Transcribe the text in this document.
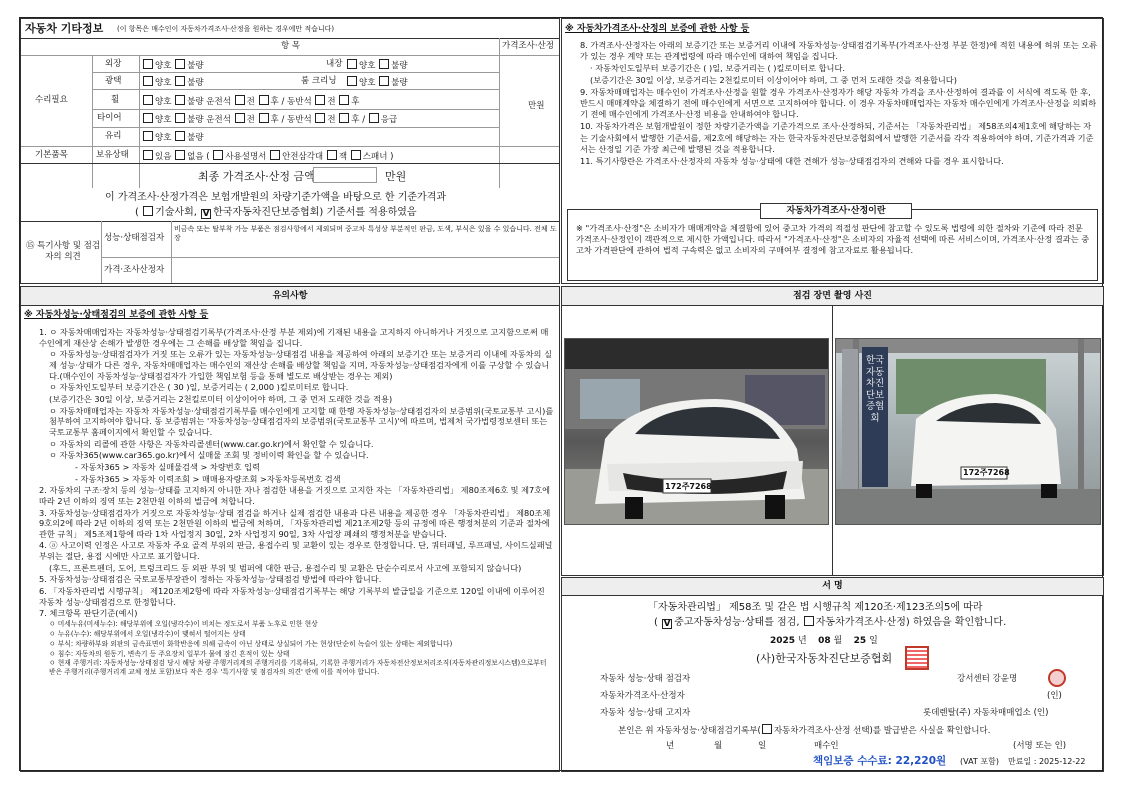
자동차 기타정보 (이 항목은 매수인이 자동차가격조사·산정을 원하는 경우에만 적습니다)
항 목	가격조사·산정
수리필요
만원
외장	양호 불량	내장	양호 불량
광택	양호 불량	룸 크리닝	양호 불량
휠	양호 불량 운전석 전 후 / 동반석 전 후
타이어	양호 불량 운전석 전 후 / 동반석 전 후 / 응급
유리	양호 불량
기본품목	보유상태	있음 없음 ( 사용설명서 안전삼각대 잭 스패너 )
최종 가격조사·산정 금액	만원
이 가격조사·산정가격은 보험개발원의 차량기준가액을 바탕으로 한 기준가격과
( 기술사회, V 한국자동차진단보증협회) 기준서를 적용하였음
⑮ 특기사항 및 점검자의 의견
성능·상태점검자
비금속 또는 탈부착 가능 부품은 점검사항에서 제외되며 중고차 특성상 부분적인 판금, 도색, 부식은 있을 수 있습니다. 전체 도장
가격·조사산정자
※ 자동차가격조사·산정의 보증에 관한 사항 등

8. 가격조사·산정자는 아래의 보증기간 또는 보증거리 이내에 자동차성능·상태점검기록부(가격조사·산정 부분 한정)에 적힌 내용에 허위 또는 오류가 있는 경우 계약 또는 관계법령에 따라 매수인에 대하여 책임을 집니다.

· 자동차인도일부터 보증기간은 ( )일, 보증거리는 ( )킬로미터로 합니다.

(보증기간은 30일 이상, 보증거리는 2천킬로미터 이상이어야 하며, 그 중 먼저 도래한 것을 적용합니다)

9. 자동차매매업자는 매수인이 가격조사·산정을 원할 경우 가격조사·산정자가 해당 자동차 가격을 조사·산정하여 결과를 이 서식에 적도록 한 후, 반드시 매매계약을 체결하기 전에 매수인에게 서면으로 고지하여야 합니다. 이 경우 자동차매매업자는 자동차 매수인에게 가격조사·산정을 의뢰하기 전에 매수인에게 가격조사·산정 비용을 안내하여야 합니다.

10. 자동차가격은 보험개발원이 정한 차량기준가액을 기준가격으로 조사·산정하되, 기준서는 「자동차관리법」 제58조의4제1호에 해당하는 자는 기술사회에서 발행한 기준서를, 제2호에 해당하는 자는 한국자동차진단보증협회에서 발행한 기준서를 각각 적용하여야 하며, 기준가격과 기준서는 산정일 기준 가장 최근에 발행된 것을 적용합니다.

11. 특기사항란은 가격조사·산정자의 자동차 성능·상태에 대한 견해가 성능·상태점검자의 견해와 다를 경우 표시합니다.

자동차가격조사·산정이란
※ "가격조사·산정"은 소비자가 매매계약을 체결함에 있어 중고차 가격의 적절성 판단에 참고할 수 있도록 법령에 의한 절차와 기준에 따라 전문 가격조사·산정인이 객관적으로 제시한 가액입니다. 따라서 "가격조사·산정"은 소비자의 자율적 선택에 따른 서비스이며, 가격조사·산정 결과는 중고차 가격판단에 관하여 법적 구속력은 없고 소비자의 구매여부 결정에 참고자료로 활용됩니다.
유의사항
※ 자동차성능·상태점검의 보증에 관한 사항 등

1. ㅇ 자동차매매업자는 자동차성능·상태점검기록부(가격조사·산정 부분 제외)에 기재된 내용을 고지하지 아니하거나 거짓으로 고지함으로써 매수인에게 재산상 손해가 발생한 경우에는 그 손해를 배상할 책임을 집니다.

ㅇ 자동차성능·상태점검자가 거짓 또는 오류가 있는 자동차성능·상태점검 내용을 제공하여 아래의 보증기간 또는 보증거리 이내에 자동차의 실제 성능·상태가 다른 경우, 자동차매매업자는 매수인의 재산상 손해를 배상할 책임을 지며, 자동차성능·상태점검자에게 이를 구상할 수 있습니다.(매수인이 자동차성능·상태점검자가 가입한 책임보험 등을 통해 별도로 배상받는 경우는 제외)

ㅇ 자동차인도일부터 보증기간은 ( 30 )일, 보증거리는 ( 2,000 )킬로미터로 합니다.

(보증기간은 30일 이상, 보증거리는 2천킬로미터 이상이어야 하며, 그 중 먼저 도래한 것을 적용)

ㅇ 자동차매매업자는 자동차 자동차성능·상태점검기록부를 매수인에게 고지할 때 한행 자동차성능·상태점검자의 보증범위(국토교통부 고시)를 첨부하여 고지하여야 합니다. 동 보증범위는 '자동차성능·상태점검자의 보증범위(국토교통부 고시)'에 따르며, 법제처 국가법령정보센터 또는 국토교통부 홈페이지에서 확인할 수 있습니다.

ㅇ 자동차의 리콜에 관한 사항은 자동차리콜센터(www.car.go.kr)에서 확인할 수 있습니다.

ㅇ 자동차365(www.car365.go.kr)에서 실매물 조회 및 정비이력 확인을 할 수 있습니다.

- 자동차365 > 자동차 실매물검색 > 차량번호 입력

- 자동차365 > 자동차 이력조회 > 매매용자량조회 >자동차등록번호 검색

2. 자동차의 구조·장치 등의 성능·상태를 고지하지 아니한 자나 점검한 내용을 거짓으로 고지한 자는 「자동차관리법」 제80조제6호 및 제7호에 따라 2년 이하의 징역 또는 2천만원 이하의 벌금에 처합니다.

3. 자동차성능·상태점검자가 거짓으로 자동차성능·상태 점검을 하거나 실제 점검한 내용과 다른 내용을 제공한 경우 「자동차관리법」 제80조제9호의2에 따라 2년 이하의 징역 또는 2천만원 이하의 벌금에 처하며, 「자동차관리법 제21조제2항 등의 규정에 따른 행정처분의 기준과 절차에 관한 규칙」 제5조제1항에 따라 1차 사업정지 30일, 2차 사업정지 90일, 3차 사업장 폐쇄의 행정처분을 받습니다.

4. ⓐ 사고이력 인정은 사고로 자동차 주요 골격 부위의 판금, 용접수리 및 교환이 있는 경우로 한정합니다. 단, 쿼터패널, 루프패널, 사이드실패널 부위는 절단, 용접 시에만 사고로 표기합니다.

(후드, 프론트펜더, 도어, 트렁크리드 등 외판 부위 및 범퍼에 대한 판금, 용접수리 및 교환은 단순수리로서 사고에 포함되지 않습니다)

5. 자동차성능·상태점검은 국토교통부장관이 정하는 자동차성능·상태점검 방법에 따라야 합니다.

6. 「자동차관리법 시행규칙」 제120조제2항에 따라 자동차성능·상태점검기록부는 해당 기록부의 발급일을 기준으로 120일 이내에 이루어진 자동차 성능·상태점검으로 한정합니다.

7. 체크항목 판단기준(예시)

ㅇ 미세누유(미세누수): 해당부위에 오일(냉각수)이 비치는 정도로서 부품 노후로 인한 현상

ㅇ 누유(누수): 해당부위에서 오일(냉각수)이 맺혀서 떨어지는 상태

ㅇ 부식: 차량하부와 외판의 금속표면이 화학반응에 의해 금속이 아닌 상태로 상실되어 가는 현상(단순히 녹슬어 있는 상태는 제외합니다)

ㅇ 침수: 자동차의 원동기, 변속기 등 주요장치 일부가 물에 잠긴 흔적이 있는 상태

ㅇ 현재 주행거리: 자동차성능·상태점검 당시 해당 차량 주행거리계의 주행거리를 기록하되, 기록한 주행거리가 자동차전산정보처리조직(자동차관리정보시스템)으로부터 받은 주행거리(주행거리계 교체 정보 포함)보다 작은 경우 '특기사항 및 점검자의 의견' 란에 이를 적어야 합니다.

점검 장면 촬영 사진
172주7268
172주7268
한국자동차진단보증협회
서 명
「자동차관리법」 제58조 및 같은 법 시행규칙 제120조·제123조의5에 따라
( V 중고자동차성능·상태를 점검, 자동차가격조사·산정) 하였음을 확인합니다.
2025 년 08 월 25 일
(사)한국자동차진단보증협회
자동차 성능·상태 점검자	강서센터 강윤명
자동차가격조사·산정자	(인)
자동차 성능·상태 고지자	롯데렌탈(주) 자동차매매업소 (인)
본인은 위 자동차성능·상태점검기록부( 자동차가격조사·산정 선택)를 발급받은 사실을 확인합니다.
년	월	일	매수인	(서명 또는 인)
책임보증 수수료: 22,220원 (VAT 포함) 만료일 : 2025-12-22
